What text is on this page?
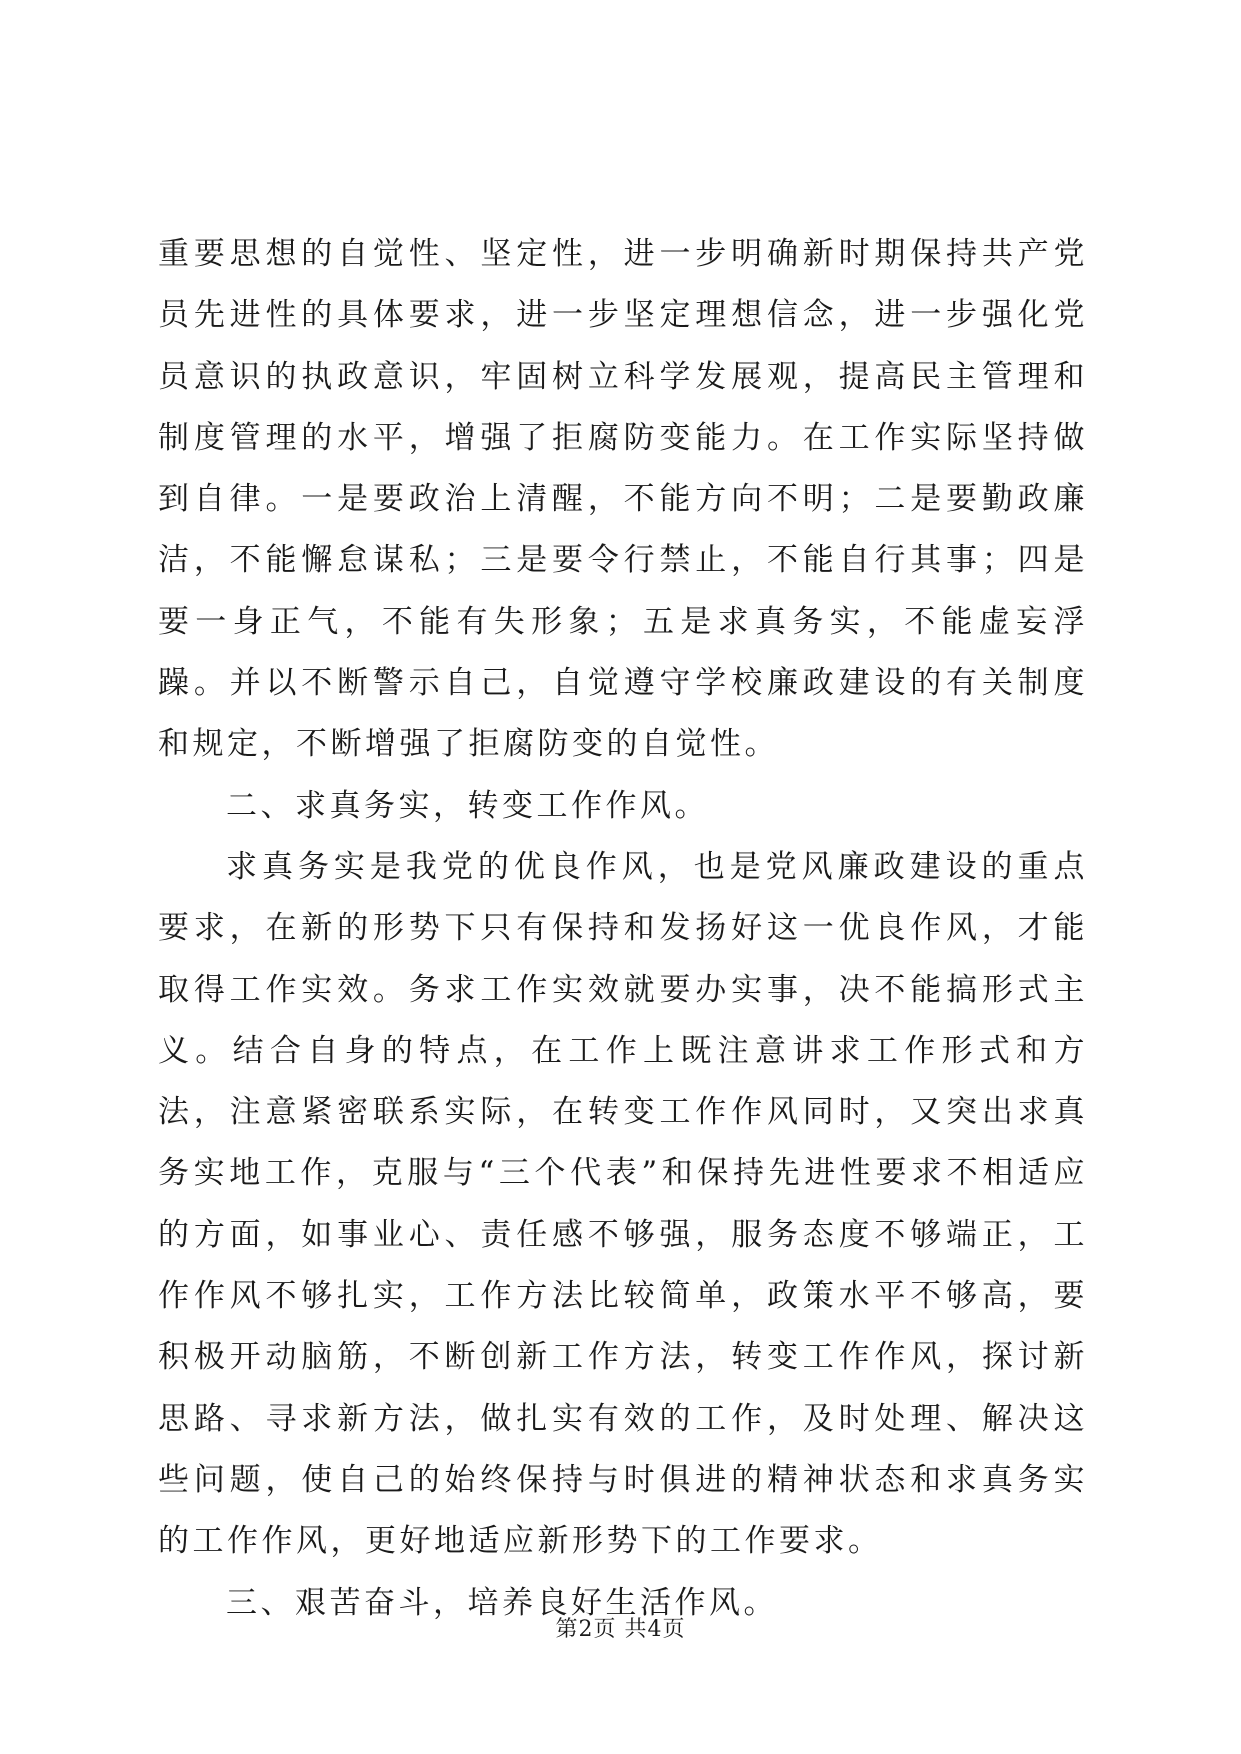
重要思想的自觉性、坚定性，进一步明确新时期保持共产党员先进性的具体要求，进一步坚定理想信念，进一步强化党员意识的执政意识，牢固树立科学发展观，提高民主管理和制度管理的水平，增强了拒腐防变能力。在工作实际坚持做到自律。一是要政治上清醒，不能方向不明；二是要勤政廉洁，不能懈怠谋私；三是要令行禁止，不能自行其事；四是要一身正气，不能有失形象；五是求真务实，不能虚妄浮躁。并以不断警示自己，自觉遵守学校廉政建设的有关制度和规定，不断增强了拒腐防变的自觉性。

二、求真务实，转变工作作风。

求真务实是我党的优良作风，也是党风廉政建设的重点要求，在新的形势下只有保持和发扬好这一优良作风，才能取得工作实效。务求工作实效就要办实事，决不能搞形式主义。结合自身的特点，在工作上既注意讲求工作形式和方法，注意紧密联系实际，在转变工作作风同时，又突出求真务实地工作，克服与“三个代表”和保持先进性要求不相适应的方面，如事业心、责任感不够强，服务态度不够端正，工作作风不够扎实，工作方法比较简单，政策水平不够高，要积极开动脑筋，不断创新工作方法，转变工作作风，探讨新思路、寻求新方法，做扎实有效的工作，及时处理、解决这些问题，使自己的始终保持与时俱进的精神状态和求真务实的工作作风，更好地适应新形势下的工作要求。

三、艰苦奋斗，培养良好生活作风。

第2页 共4页
